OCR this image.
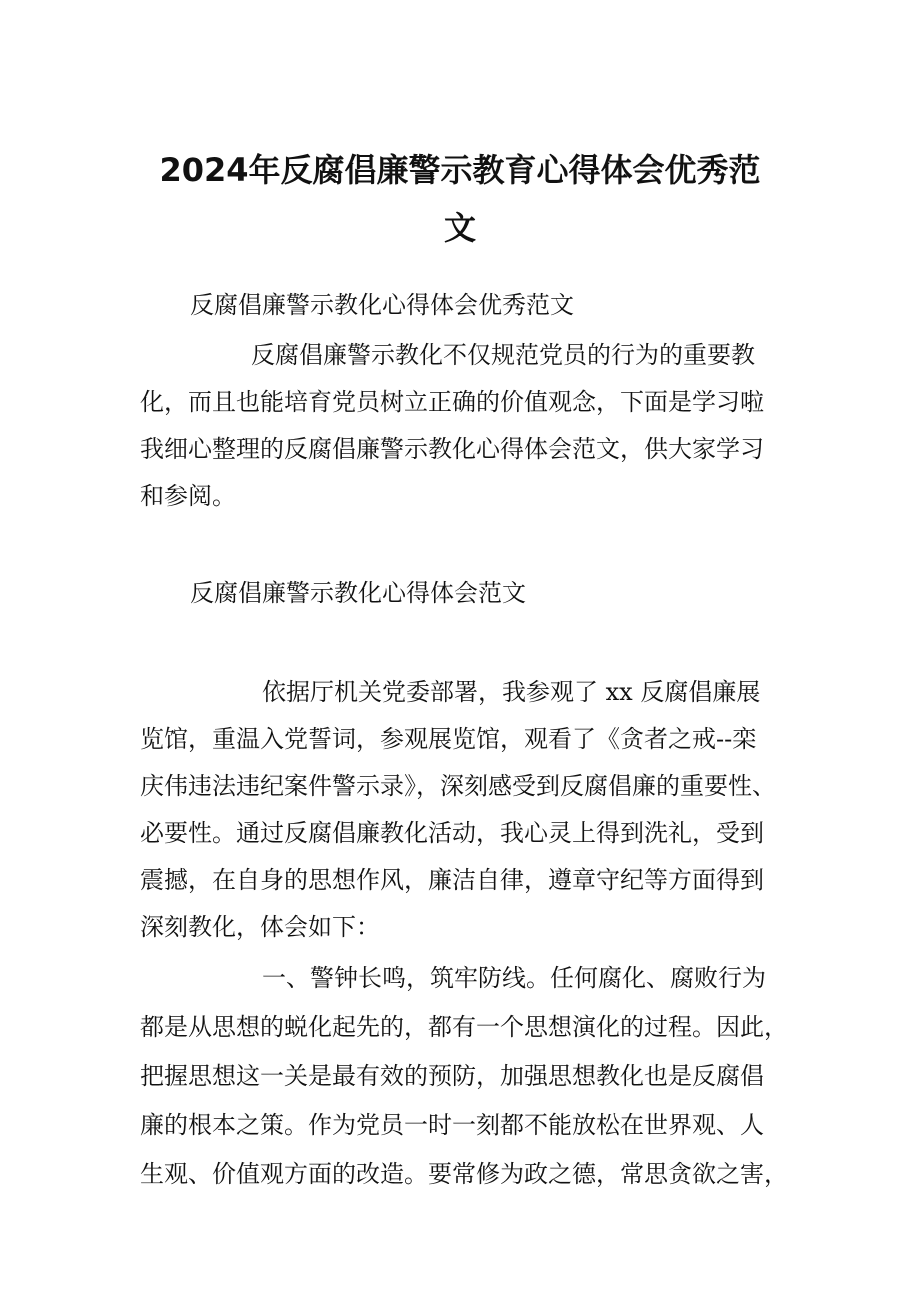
2024年反腐倡廉警示教育心得体会优秀范
文
反腐倡廉警示教化心得体会优秀范文
反腐倡廉警示教化不仅规范党员的行为的重要教
化，而且也能培育党员树立正确的价值观念，下面是学习啦
我细心整理的反腐倡廉警示教化心得体会范文，供大家学习
和参阅。
反腐倡廉警示教化心得体会范文
依据厅机关党委部署，我参观了 xx 反腐倡廉展
览馆，重温入党誓词，参观展览馆，观看了《贪者之戒--栾
庆伟违法违纪案件警示录》，深刻感受到反腐倡廉的重要性、
必要性。通过反腐倡廉教化活动，我心灵上得到洗礼，受到
震撼，在自身的思想作风，廉洁自律，遵章守纪等方面得到
深刻教化，体会如下：
一、警钟长鸣，筑牢防线。任何腐化、腐败行为
都是从思想的蜕化起先的，都有一个思想演化的过程。因此，
把握思想这一关是最有效的预防，加强思想教化也是反腐倡
廉的根本之策。作为党员一时一刻都不能放松在世界观、人
生观、价值观方面的改造。要常修为政之德，常思贪欲之害，
